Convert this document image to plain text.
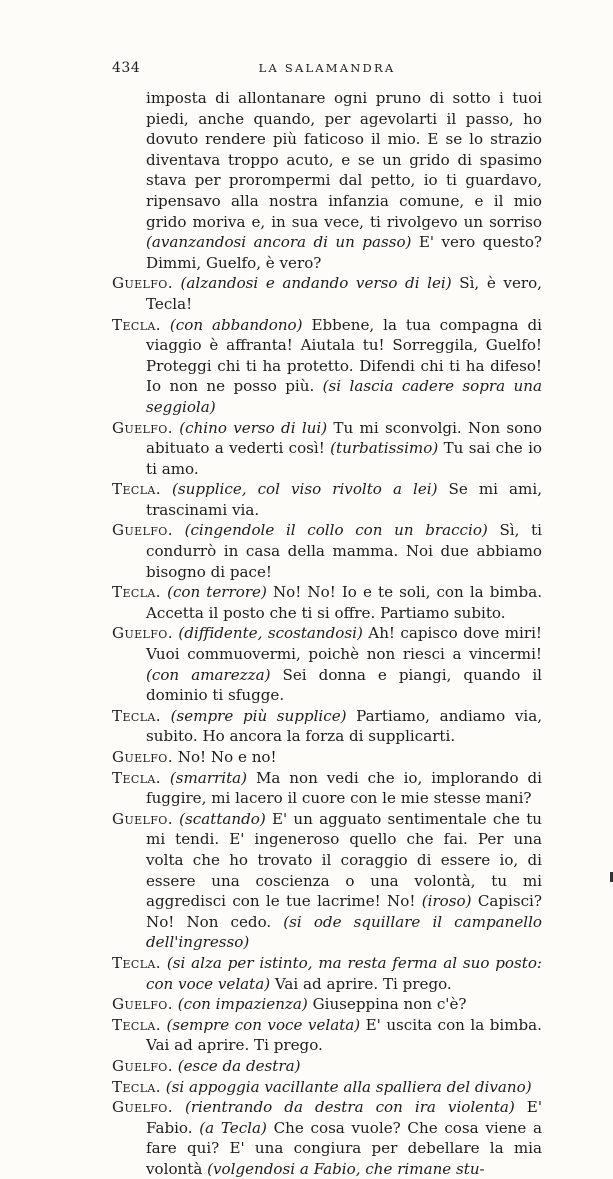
434	LA SALAMANDRA

imposta di allontanare ogni pruno di sotto i tuoi piedi, anche quando, per agevolarti il passo, ho dovuto rendere più faticoso il mio. E se lo strazio diventava troppo acuto, e se un grido di spasimo stava per prorompermi dal petto, io ti guardavo, ripensavo alla nostra infanzia comune, e il mio grido moriva e, in sua vece, ti rivolgevo un sorriso (avanzandosi ancora di un passo) E' vero questo? Dimmi, Guelfo, è vero?

Guelfo. (alzandosi e andando verso di lei) Sì, è vero, Tecla!

Tecla. (con abbandono) Ebbene, la tua compagna di viaggio è affranta! Aiutala tu! Sorreggila, Guelfo! Proteggi chi ti ha protetto. Difendi chi ti ha difeso! Io non ne posso più. (si lascia cadere sopra una seggiola)

Guelfo. (chino verso di lui) Tu mi sconvolgi. Non sono abituato a vederti così! (turbatissimo) Tu sai che io ti amo.

Tecla. (supplice, col viso rivolto a lei) Se mi ami, trascinami via.

Guelfo. (cingendole il collo con un braccio) Sì, ti condurrò in casa della mamma. Noi due abbiamo bisogno di pace!

Tecla. (con terrore) No! No! Io e te soli, con la bimba. Accetta il posto che ti si offre. Partiamo subito.

Guelfo. (diffidente, scostandosi) Ah! capisco dove miri! Vuoi commuovermi, poichè non riesci a vincermi! (con amarezza) Sei donna e piangi, quando il dominio ti sfugge.

Tecla. (sempre più supplice) Partiamo, andiamo via, subito. Ho ancora la forza di supplicarti.

Guelfo. No! No e no!

Tecla. (smarrita) Ma non vedi che io, implorando di fuggire, mi lacero il cuore con le mie stesse mani?

Guelfo. (scattando) E' un agguato sentimentale che tu mi tendi. E' ingeneroso quello che fai. Per una volta che ho trovato il coraggio di essere io, di essere una coscienza o una volontà, tu mi aggredisci con le tue lacrime! No! (iroso) Capisci? No! Non cedo. (si ode squillare il campanello dell'ingresso)

Tecla. (si alza per istinto, ma resta ferma al suo posto: con voce velata) Vai ad aprire. Ti prego.

Guelfo. (con impazienza) Giuseppina non c'è?

Tecla. (sempre con voce velata) E' uscita con la bimba. Vai ad aprire. Ti prego.

Guelfo. (esce da destra)

Tecla. (si appoggia vacillante alla spalliera del divano)

Guelfo. (rientrando da destra con ira violenta) E' Fabio. (a Tecla) Che cosa vuole? Che cosa viene a fare qui? E' una congiura per debellare la mia volontà (volgendosi a Fabio, che rimane stu-
